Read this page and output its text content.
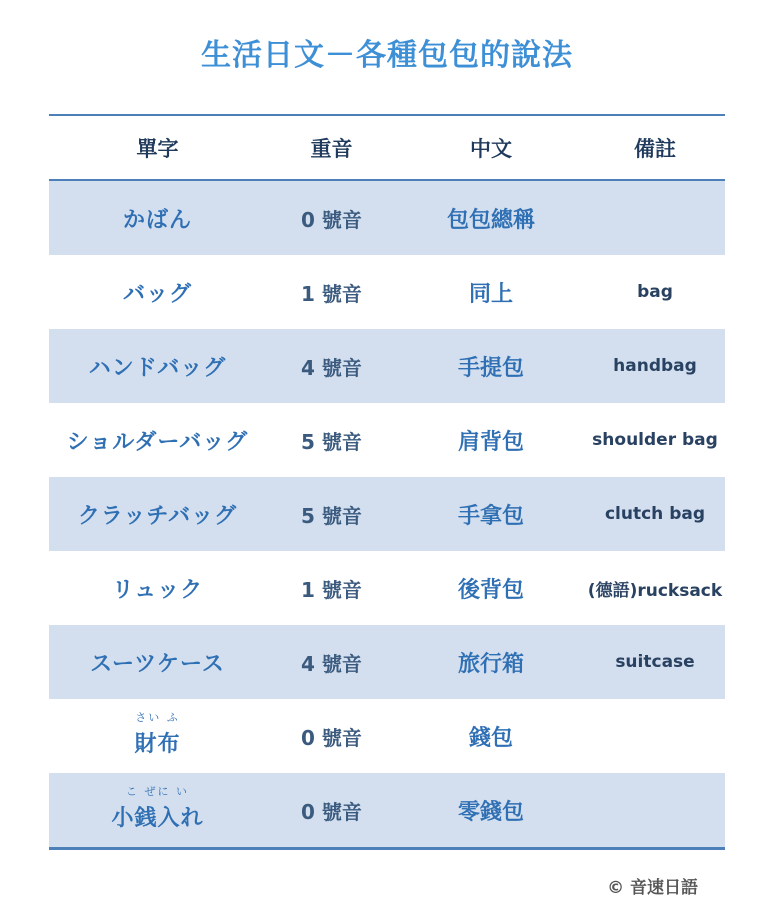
生活日文－各種包包的說法
單字	重音	中文	備註
かばん	0 號音	包包總稱
バッグ	1 號音	同上	bag
ハンドバッグ	4 號音	手提包	handbag
ショルダーバッグ	5 號音	肩背包	shoulder bag
クラッチバッグ	5 號音	手拿包	clutch bag
リュック	1 號音	後背包	(德語)rucksack
スーツケース	4 號音	旅行箱	suitcase
さい ふ
財布	0 號音	錢包
こ ぜに い
小銭入れ	0 號音	零錢包
© 音速日語
